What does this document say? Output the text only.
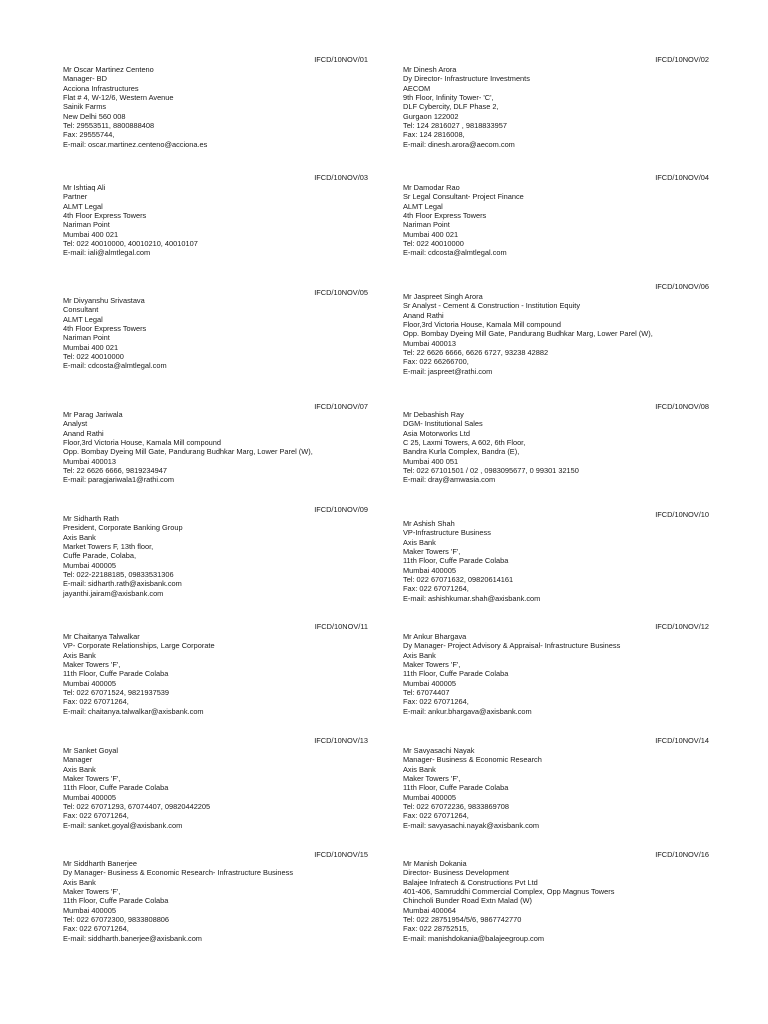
IFCD/10NOV/01
Mr Oscar Martinez Centeno
Manager- BD
Acciona Infrastructures
Flat # 4, W-12/6, Western Avenue
Sainik Farms
New Delhi 560 008
Tel: 29553511, 8800888408
Fax: 29555744,
E-mail: oscar.martinez.centeno@acciona.es
IFCD/10NOV/03
Mr Ishtiaq Ali
Partner
ALMT Legal
4th Floor Express Towers
Nariman Point
Mumbai 400 021
Tel: 022 40010000, 40010210, 40010107
E-mail: iali@almtlegal.com
IFCD/10NOV/05
Mr Divyanshu Srivastava
Consultant
ALMT Legal
4th Floor Express Towers
Nariman Point
Mumbai 400 021
Tel: 022 40010000
E-mail: cdcosta@almtlegal.com
IFCD/10NOV/07
Mr Parag Jariwala
Analyst
Anand Rathi
Floor,3rd Victoria House, Kamala Mill compound
Opp. Bombay Dyeing Mill Gate, Pandurang Budhkar Marg, Lower Parel (W),
Mumbai 400013
Tel: 22 6626 6666, 9819234947
E-mail: paragjariwala1@rathi.com
IFCD/10NOV/09
Mr Sidharth Rath
President, Corporate Banking Group
Axis Bank
Market Towers F, 13th floor,
Cuffe Parade, Colaba,
Mumbai 400005
Tel: 022-22188185, 09833531306
E-mail: sidharth.rath@axisbank.com
jayanthi.jairam@axisbank.com
IFCD/10NOV/11
Mr Chaitanya Talwalkar
VP- Corporate Relationships, Large Corporate
Axis Bank
Maker Towers 'F',
11th Floor, Cuffe Parade Colaba
Mumbai 400005
Tel: 022 67071524, 9821937539
Fax: 022 67071264,
E-mail: chaitanya.talwalkar@axisbank.com
IFCD/10NOV/13
Mr Sanket Goyal
Manager
Axis Bank
Maker Towers 'F',
11th Floor, Cuffe Parade Colaba
Mumbai 400005
Tel: 022 67071293, 67074407, 09820442205
Fax: 022 67071264,
E-mail: sanket.goyal@axisbank.com
IFCD/10NOV/15
Mr Siddharth Banerjee
Dy Manager- Business & Economic Research- Infrastructure Business
Axis Bank
Maker Towers 'F',
11th Floor, Cuffe Parade Colaba
Mumbai 400005
Tel: 022 67072300, 9833808806
Fax: 022 67071264,
E-mail: siddharth.banerjee@axisbank.com
IFCD/10NOV/02
Mr Dinesh Arora
Dy Director- Infrastructure Investments
AECOM
9th Floor, Infinity Tower- 'C',
DLF Cybercity, DLF Phase 2,
Gurgaon 122002
Tel: 124 2816027 , 9818833957
Fax: 124 2816008,
E-mail: dinesh.arora@aecom.com
IFCD/10NOV/04
Mr Damodar Rao
Sr Legal Consultant- Project Finance
ALMT Legal
4th Floor Express Towers
Nariman Point
Mumbai 400 021
Tel: 022 40010000
E-mail: cdcosta@almtlegal.com
IFCD/10NOV/06
Mr Jaspreet Singh Arora
Sr Analyst - Cement & Construction - Institution Equity
Anand Rathi
Floor,3rd Victoria House, Kamala Mill compound
Opp. Bombay Dyeing Mill Gate, Pandurang Budhkar Marg, Lower Parel (W),
Mumbai 400013
Tel: 22 6626 6666, 6626 6727, 93238 42882
Fax: 022 66266700,
E-mail: jaspreet@rathi.com
IFCD/10NOV/08
Mr Debashish Ray
DGM- Institutional Sales
Asia Motorworks Ltd
C 25, Laxmi Towers, A 602, 6th Floor,
Bandra Kurla Complex, Bandra (E),
Mumbai 400 051
Tel: 022 67101501 / 02 , 0983095677, 0 99301 32150
E-mail: dray@amwasia.com
IFCD/10NOV/10
Mr Ashish Shah
VP-Infrastructure Business
Axis Bank
Maker Towers 'F',
11th Floor, Cuffe Parade Colaba
Mumbai 400005
Tel: 022 67071632, 09820614161
Fax: 022 67071264,
E-mail: ashishkumar.shah@axisbank.com
IFCD/10NOV/12
Mr Ankur Bhargava
Dy Manager- Project Advisory & Appraisal- Infrastructure Business
Axis Bank
Maker Towers 'F',
11th Floor, Cuffe Parade Colaba
Mumbai 400005
Tel: 67074407
Fax: 022 67071264,
E-mail: ankur.bhargava@axisbank.com
IFCD/10NOV/14
Mr Savyasachi Nayak
Manager- Business & Economic Research
Axis Bank
Maker Towers 'F',
11th Floor, Cuffe Parade Colaba
Mumbai 400005
Tel: 022 67072236, 9833869708
Fax: 022 67071264,
E-mail: savyasachi.nayak@axisbank.com
IFCD/10NOV/16
Mr Manish Dokania
Director- Business Development
Balajee Infratech & Constructions Pvt Ltd
401-406, Samruddhi Commercial Complex, Opp Magnus Towers
Chincholi Bunder Road Extn Malad (W)
Mumbai 400064
Tel: 022 28751954/5/6, 9867742770
Fax: 022 28752515,
E-mail: manishdokania@balajeegroup.com
